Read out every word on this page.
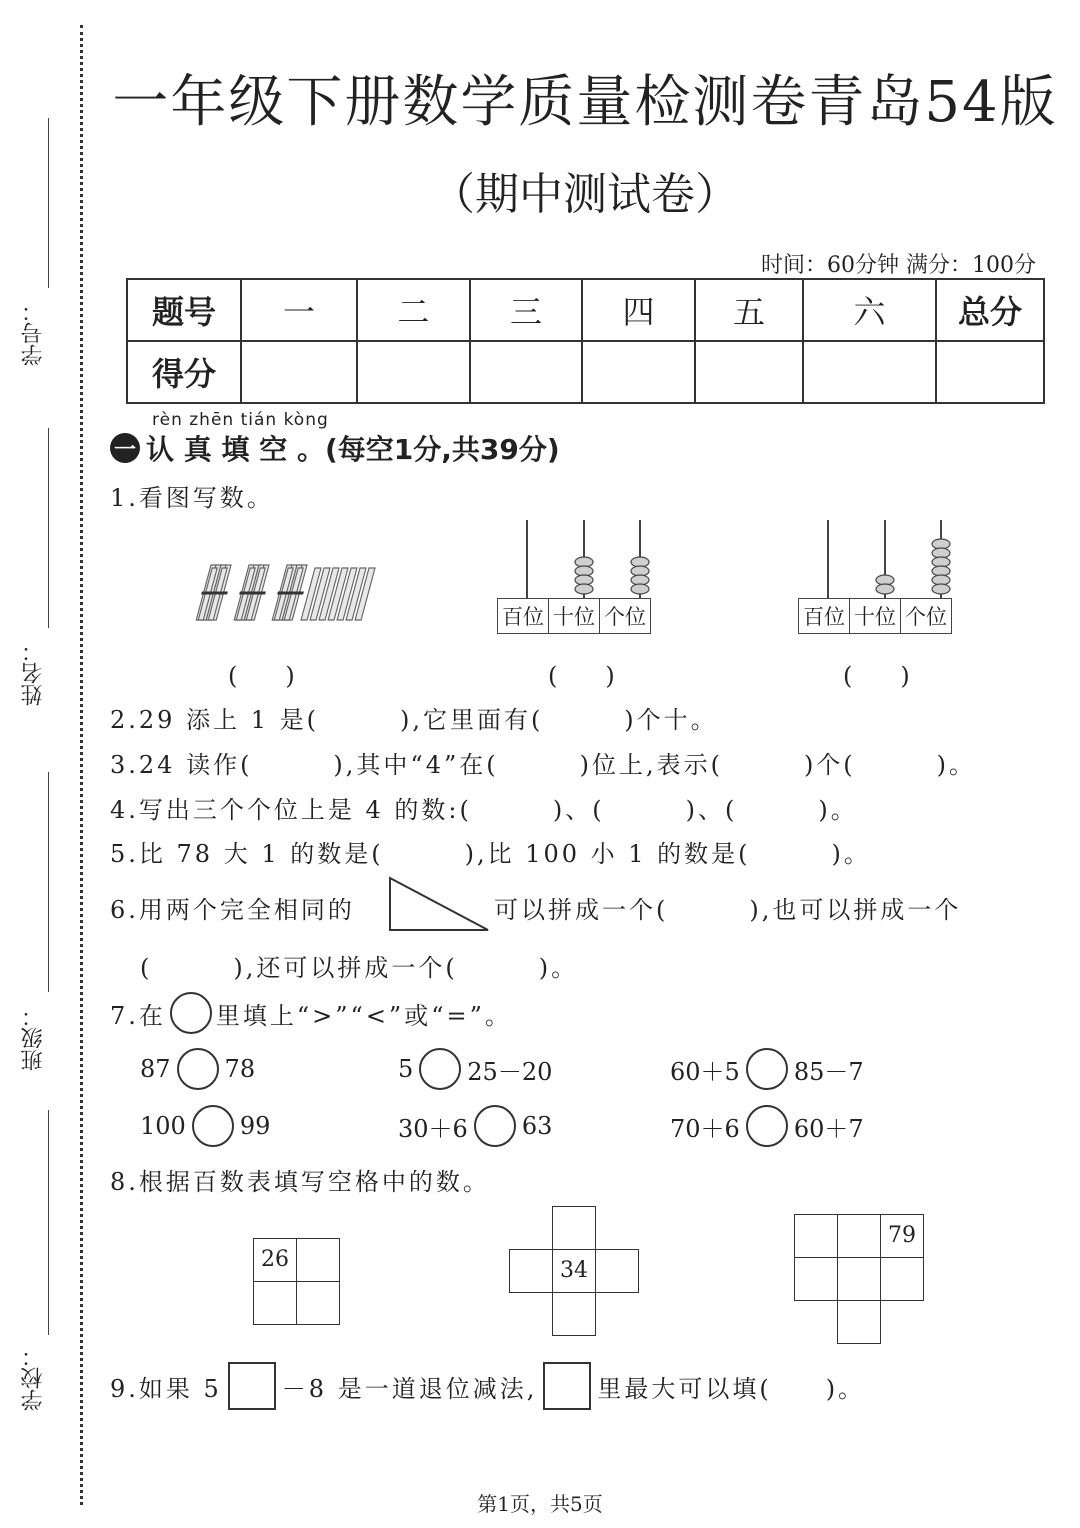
一年级下册数学质量检测卷青岛54版
（期中测试卷）
时间：60分钟 满分：100分
学号：
姓名：
班级：
学校：
题号	一	二	三	四	五	六	总分
得分							
rèn zhēn tián kòng
一 认 真 填 空 。(每空1分,共39分)
1.看图写数。
百位 十位 个位	百位 十位 个位
(　　)	(　　)	(　　)
2.29 添上 1 是(　　　),它里面有(　　　)个十。
3.24 读作(　　　),其中“4”在(　　　)位上,表示(　　　)个(　　　)。
4.写出三个个位上是 4 的数:(　　　)、(　　　)、(　　　)。
5.比 78 大 1 的数是(　　　),比 100 小 1 的数是(　　　)。
6.用两个完全相同的	可以拼成一个(　　　),也可以拼成一个
(　　　),还可以拼成一个(　　　)。
7.在 里填上“>”“<”或“=”。
87 78	5 25－20	60＋5 85－7
100 99	30＋6 63	70＋6 60＋7
8.根据百数表填写空格中的数。
26	34
79
9.如果 5	－8 是一道退位减法,	里最大可以填(　　)。
第1页，共5页
